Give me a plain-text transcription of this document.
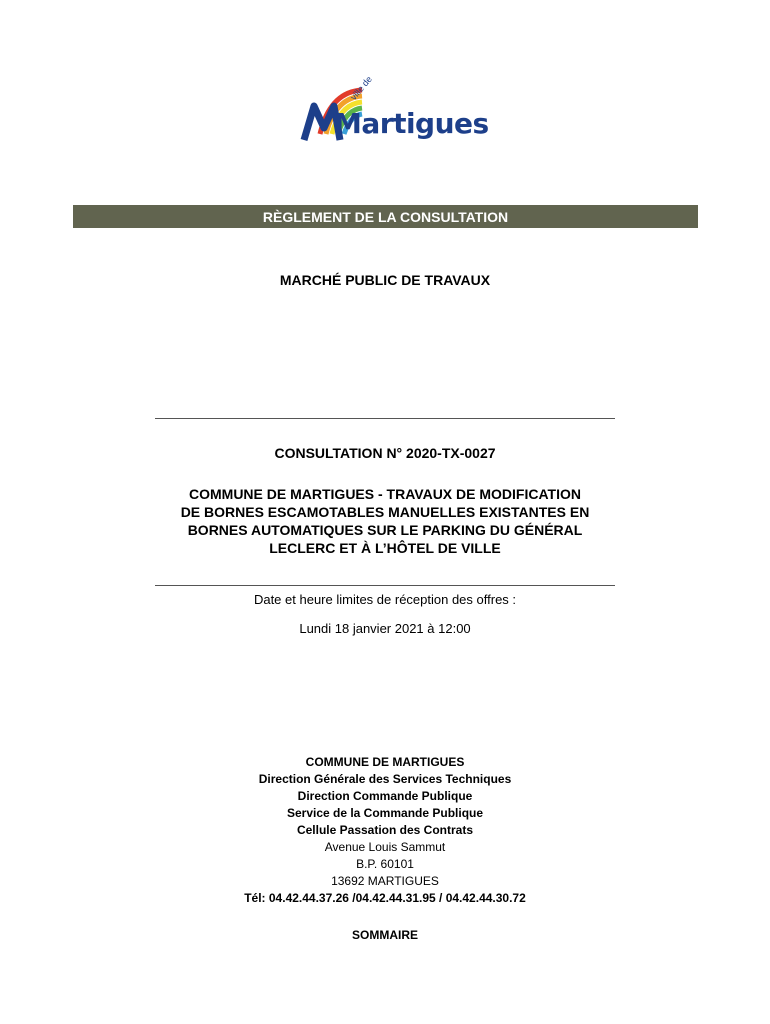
ville de
Martigues
RÈGLEMENT DE LA CONSULTATION
MARCHÉ PUBLIC DE TRAVAUX
CONSULTATION N° 2020-TX-0027
COMMUNE DE MARTIGUES - TRAVAUX DE MODIFICATION
DE BORNES ESCAMOTABLES MANUELLES EXISTANTES EN
BORNES AUTOMATIQUES SUR LE PARKING DU GÉNÉRAL
LECLERC ET À L’HÔTEL DE VILLE
Date et heure limites de réception des offres :
Lundi 18 janvier 2021 à 12:00
COMMUNE DE MARTIGUES
Direction Générale des Services Techniques
Direction Commande Publique
Service de la Commande Publique
Cellule Passation des Contrats
Avenue Louis Sammut
B.P. 60101
13692 MARTIGUES
Tél: 04.42.44.37.26 /04.42.44.31.95 / 04.42.44.30.72
SOMMAIRE
